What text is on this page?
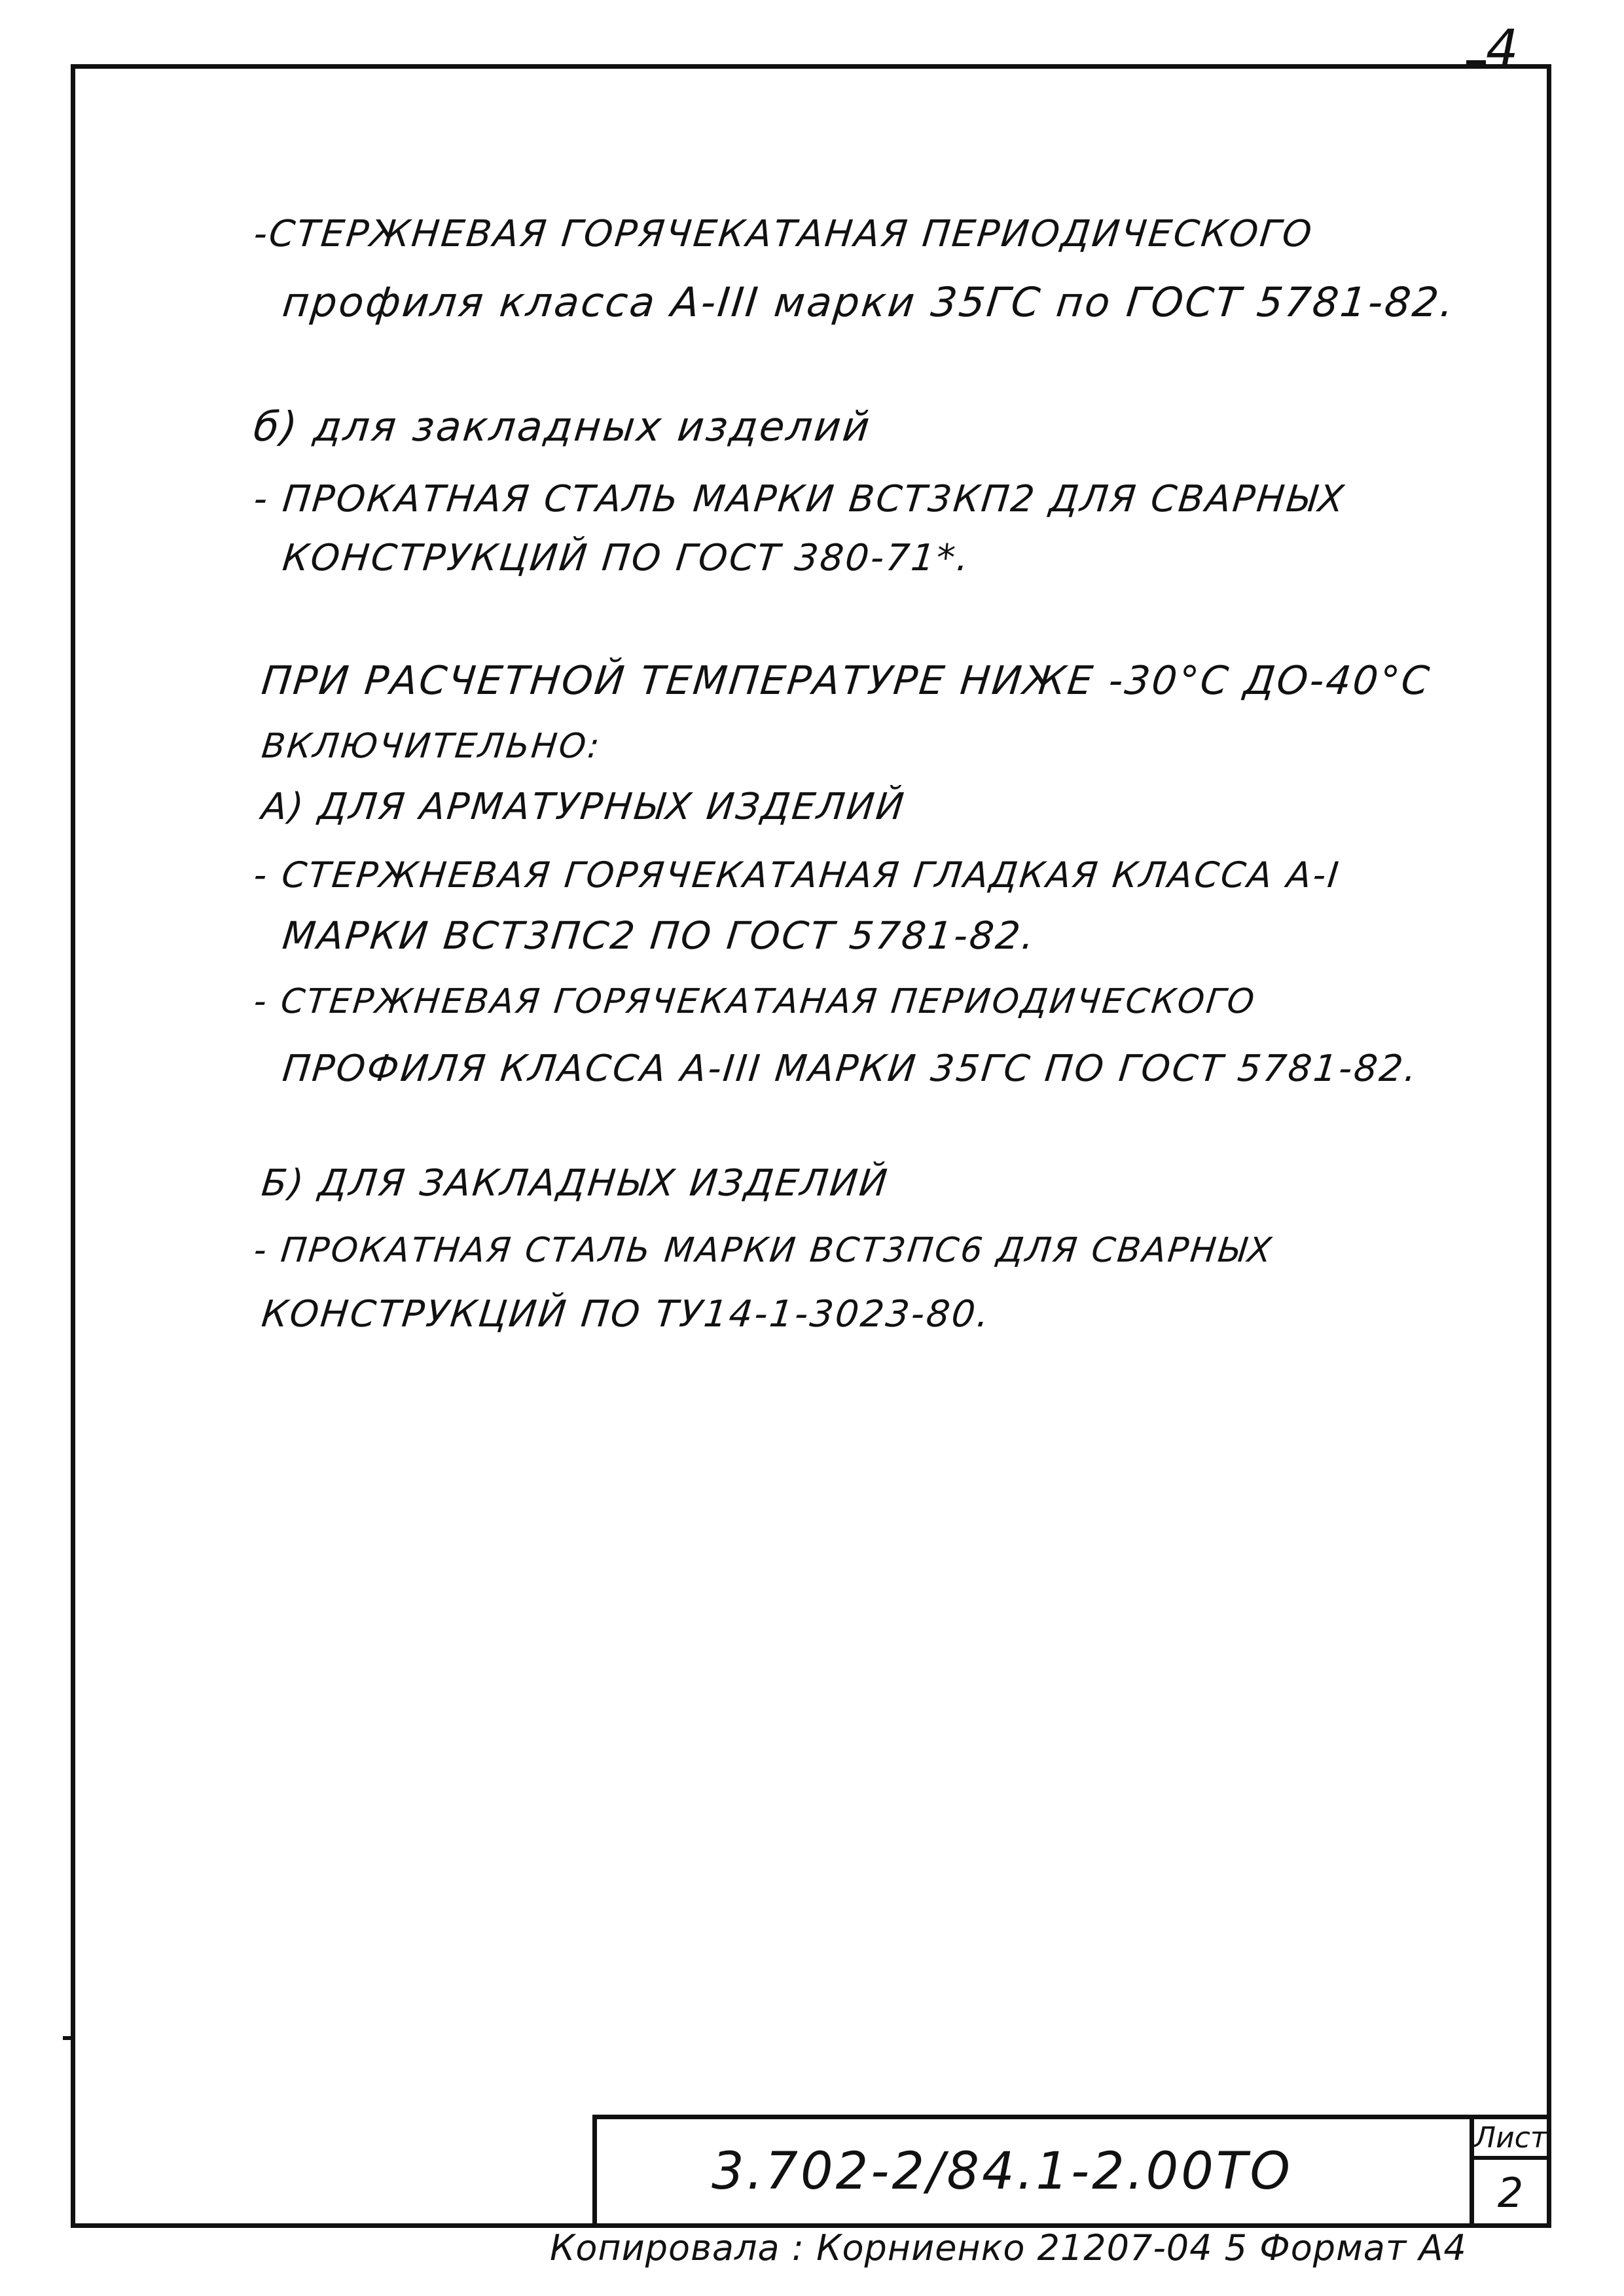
4
-СТЕРЖНЕВАЯ ГОРЯЧЕКАТАНАЯ ПЕРИОДИЧЕСКОГО
профиля класса А-ІІІ марки 35ГС по ГОСТ 5781-82.
б) для закладных изделий
- ПРОКАТНАЯ СТАЛЬ МАРКИ ВСТ3КП2 ДЛЯ СВАРНЫХ
КОНСТРУКЦИЙ ПО ГОСТ 380-71*.
ПРИ РАСЧЕТНОЙ ТЕМПЕРАТУРЕ НИЖЕ -30°С ДО-40°С
ВКЛЮЧИТЕЛЬНО:
А) ДЛЯ АРМАТУРНЫХ ИЗДЕЛИЙ
- СТЕРЖНЕВАЯ ГОРЯЧЕКАТАНАЯ ГЛАДКАЯ КЛАССА А-І
МАРКИ ВСТ3ПС2 ПО ГОСТ 5781-82.
- СТЕРЖНЕВАЯ ГОРЯЧЕКАТАНАЯ ПЕРИОДИЧЕСКОГО
ПРОФИЛЯ КЛАССА А-ІІІ МАРКИ 35ГС ПО ГОСТ 5781-82.
Б) ДЛЯ ЗАКЛАДНЫХ ИЗДЕЛИЙ
- ПРОКАТНАЯ СТАЛЬ МАРКИ ВСТ3ПС6 ДЛЯ СВАРНЫХ
КОНСТРУКЦИЙ ПО ТУ14-1-3023-80.
3.702-2/84.1-2.00ТО
Лист
2
Копировала : Корниенко 21207-04 5 Формат А4
